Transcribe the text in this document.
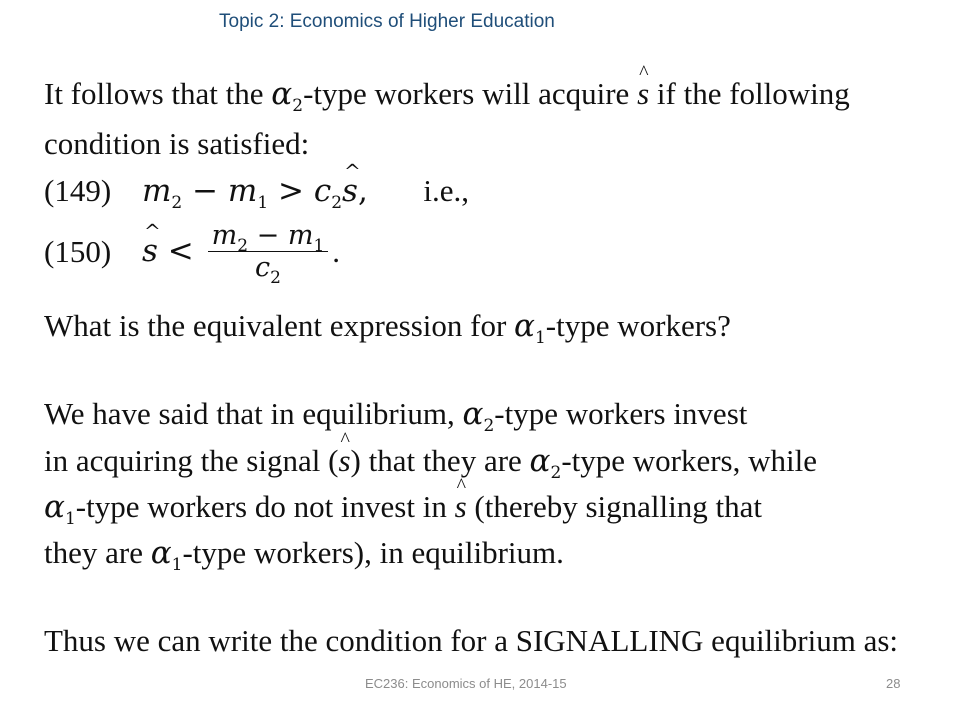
Topic 2: Economics of Higher Education
It follows that the $\alpha_2$-type workers will acquire s ^ if the following
condition is satisfied:
(149) $m_2 - m_1 > c_2s$ ^, i.e.,
(150) s ^ < $\frac{m_2 - m_1}{c_2}$ .
What is the equivalent expression for $\alpha_1$-type workers?
We have said that in equilibrium, $\alpha_2$-type workers invest
in acquiring the signal (s ^) that they are $\alpha_2$-type workers, while
$\alpha_1$-type workers do not invest in s ^ (thereby signalling that
they are $\alpha_1$-type workers), in equilibrium.
Thus we can write the condition for a SIGNALLING equilibrium as:
EC236: Economics of HE, 2014-15	28
